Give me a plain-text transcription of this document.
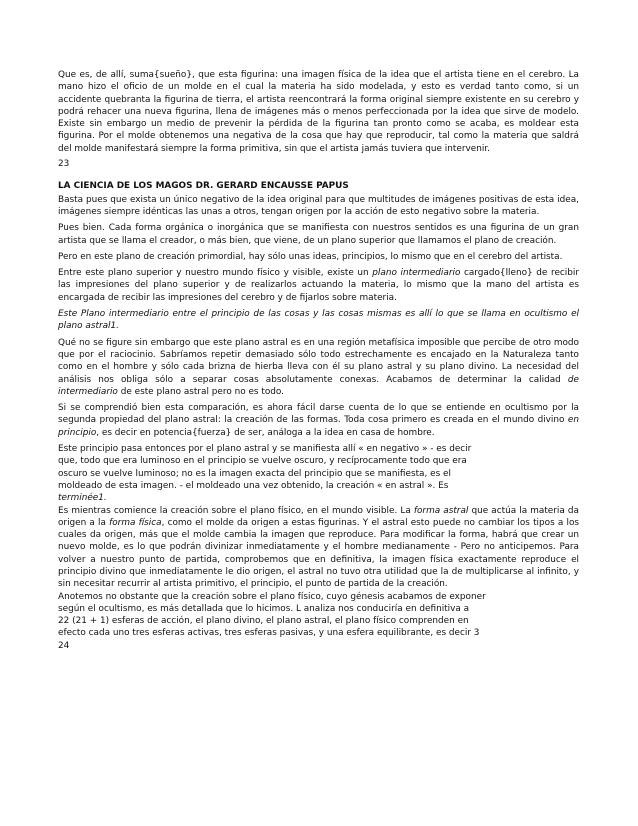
Que es, de allí, suma{sueño}, que esta figurina: una imagen física de la idea que el artista tiene en el cerebro. La mano hizo el oficio de un molde en el cual la materia ha sido modelada, y esto es verdad tanto como, si un accidente quebranta la figurina de tierra, el artista reencontrará la forma original siempre existente en su cerebro y podrá rehacer una nueva figurina, llena de imágenes más o menos perfeccionada por la idea que sirve de modelo. Existe sin embargo un medio de prevenir la pérdida de la figurina tan pronto como se acaba, es moldear esta figurina. Por el molde obtenemos una negativa de la cosa que hay que reproducir, tal como la materia que saldrá del molde manifestará siempre la forma primitiva, sin que el artista jamás tuviera que intervenir.

23
LA CIENCIA DE LOS MAGOS DR. GERARD ENCAUSSE PAPUS

Basta pues que exista un único negativo de la idea original para que multitudes de imágenes positivas de esta idea, imágenes siempre idénticas las unas a otros, tengan origen por la acción de esto negativo sobre la materia.

Pues bien. Cada forma orgánica o inorgánica que se manifiesta con nuestros sentidos es una figurina de un gran artista que se llama el creador, o más bien, que viene, de un plano superior que llamamos el plano de creación.

Pero en este plano de creación primordial, hay sólo unas ideas, principios, lo mismo que en el cerebro del artista.

Entre este plano superior y nuestro mundo físico y visible, existe un plano intermediario cargado{lleno} de recibir las impresiones del plano superior y de realizarlos actuando la materia, lo mismo que la mano del artista es encargada de recibir las impresiones del cerebro y de fijarlos sobre materia.

Este Plano intermediario entre el principio de las cosas y las cosas mismas es allí lo que se llama en ocultismo el plano astral1.

Qué no se figure sin embargo que este plano astral es en una región metafísica imposible que percibe de otro modo que por el raciocinio. Sabríamos repetir demasiado sólo todo estrechamente es encajado en la Naturaleza tanto como en el hombre y sólo cada brizna de hierba lleva con él su plano astral y su plano divino. La necesidad del análisis nos obliga sólo a separar cosas absolutamente conexas. Acabamos de determinar la calidad de intermediario de este plano astral pero no es todo.

Si se comprendió bien esta comparación, es ahora fácil darse cuenta de lo que se entiende en ocultismo por la segunda propiedad del plano astral: la creación de las formas. Toda cosa primero es creada en el mundo divino en principio, es decir en potencia{fuerza} de ser, análoga a la idea en casa de hombre.

Este principio pasa entonces por el plano astral y se manifiesta allí « en negativo » - es decir
que, todo que era luminoso en el principio se vuelve oscuro, y recíprocamente todo que era
oscuro se vuelve luminoso; no es la imagen exacta del principio que se manifiesta, es el
moldeado de esta imagen. - el moldeado una vez obtenido, la creación « en astral ». Es
terminée1.

Es mientras comience la creación sobre el plano físico, en el mundo visible. La forma astral que actúa la materia da origen a la forma física, como el molde da origen a estas figurinas. Y el astral esto puede no cambiar los tipos a los cuales da origen, más que el molde cambia la imagen que reproduce. Para modificar la forma, habrá que crear un nuevo molde, es lo que podrán divinizar inmediatamente y el hombre medianamente - Pero no anticipemos. Para volver a nuestro punto de partida, comprobemos que en definitiva, la imagen física exactamente reproduce el principio divino que inmediatamente le dio origen, el astral no tuvo otra utilidad que la de multiplicarse al infinito, y sin necesitar recurrir al artista primitivo, el principio, el punto de partida de la creación.

Anotemos no obstante que la creación sobre el plano físico, cuyo génesis acabamos de exponer
según el ocultismo, es más detallada que lo hicimos. L analiza nos conduciría en definitiva a
22 (21 + 1) esferas de acción, el plano divino, el plano astral, el plano físico comprenden en
efecto cada uno tres esferas activas, tres esferas pasivas, y una esfera equilibrante, es decir 3
24
